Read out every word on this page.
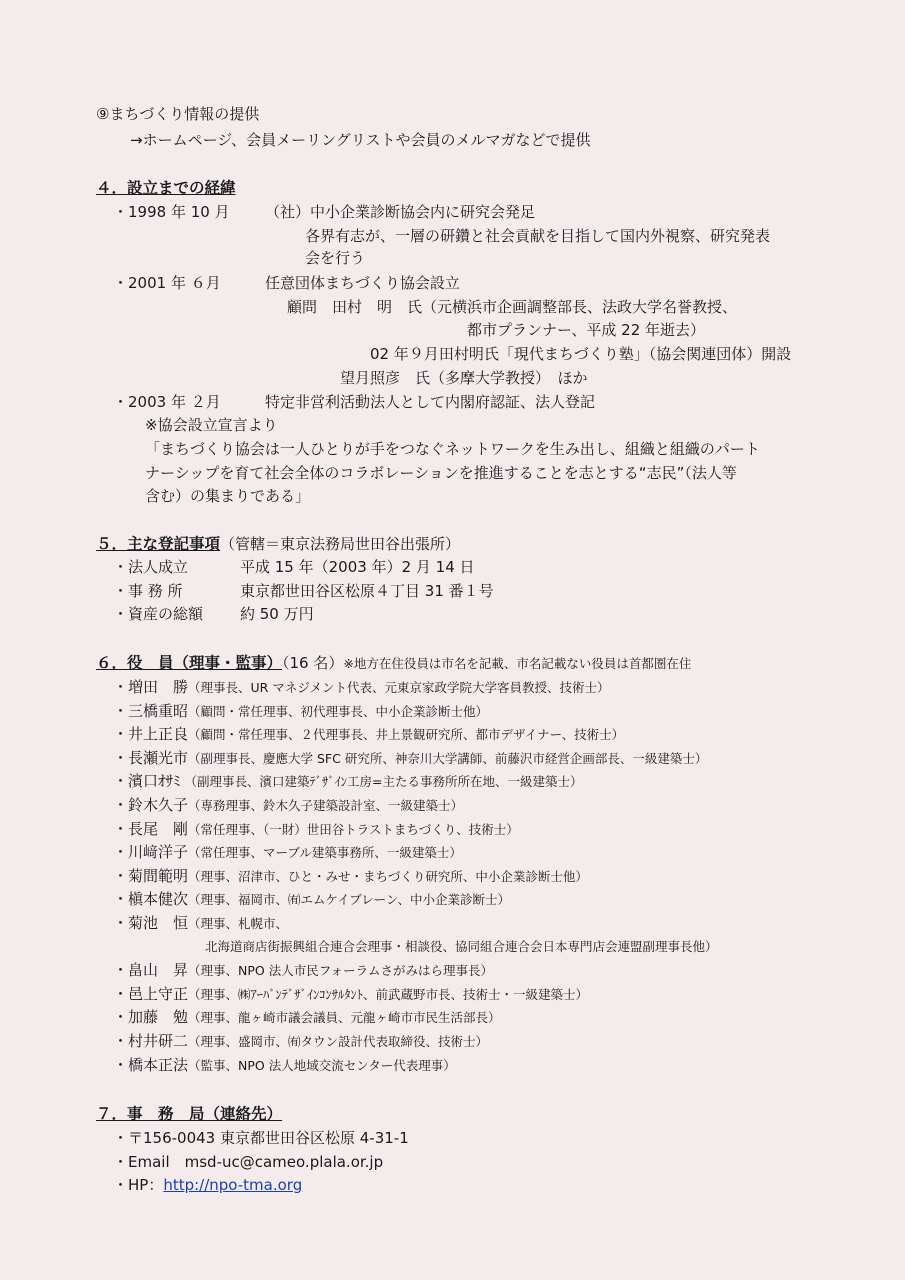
⑨まちづくり情報の提供
→ホームページ、会員メーリングリストや会員のメルマガなどで提供
４．設立までの経緯
・1998 年 10 月 （社）中小企業診断協会内に研究会発足
各界有志が、一層の研鑽と社会貢献を目指して国内外視察、研究発表
会を行う
・2001 年 ６月	任意団体まちづくり協会設立
顧問　田村　明　氏（元横浜市企画調整部長、法政大学名誉教授、
都市プランナー、平成 22 年逝去）
02 年９月田村明氏「現代まちづくり塾」（協会関連団体）開設
望月照彦　氏（多摩大学教授）　ほか
・2003 年 ２月	特定非営利活動法人として内閣府認証、法人登記
※協会設立宣言より
「まちづくり協会は一人ひとりが手をつなぐネットワークを生み出し、組織と組織のパート
ナーシップを育て社会全体のコラボレーションを推進することを志とする“志民”（法人等
含む）の集まりである」
５．主な登記事項（管轄＝東京法務局世田谷出張所）
・法人成立	平成 15 年（2003 年）2 月 14 日
・事 務 所	東京都世田谷区松原４丁目 31 番１号
・資産の総額 約 50 万円
６．役　員（理事・監事）（16 名）※地方在住役員は市名を記載、市名記載ない役員は首都圏在住
・増田　勝（理事長、UR マネジメント代表、元東京家政学院大学客員教授、技術士）
・三橋重昭（顧問・常任理事、初代理事長、中小企業診断士他）
・井上正良（顧問・常任理事、２代理事長、井上景観研究所、都市デザイナー、技術士）
・長瀬光市（副理事長、慶應大学 SFC 研究所、神奈川大学講師、前藤沢市経営企画部長、一級建築士）
・濱口ｵｻﾐ （副理事長、濱口建築ﾃﾞｻﾞｲﾝ工房=主たる事務所所在地、一級建築士）
・鈴木久子（専務理事、鈴木久子建築設計室、一級建築士）
・長尾　剛（常任理事、（一財）世田谷トラストまちづくり、技術士）
・川﨑洋子（常任理事、マーブル建築事務所、一級建築士）
・菊間範明（理事、沼津市、ひと・みせ・まちづくり研究所、中小企業診断士他）
・槇本健次（理事、福岡市、㈲エムケイブレーン、中小企業診断士）
・菊池　恒（理事、札幌市、
北海道商店街振興組合連合会理事・相談役、協同組合連合会日本専門店会連盟副理事長他）
・畠山　昇（理事、NPO 法人市民フォーラムさがみはら理事長）
・邑上守正（理事、㈱ｱｰﾊﾞﾝﾃﾞｻﾞｲﾝｺﾝｻﾙﾀﾝﾄ、前武蔵野市長、技術士・一級建築士）
・加藤　勉（理事、龍ヶ崎市議会議員、元龍ヶ崎市市民生活部長）
・村井研二（理事、盛岡市、㈲タウン設計代表取締役、技術士）
・橋本正法（監事、NPO 法人地域交流センター代表理事）
７．事　務　局（連絡先）
・〒156-0043 東京都世田谷区松原 4-31-1
・Email　msd-uc@cameo.plala.or.jp
・HP：http://npo-tma.org
